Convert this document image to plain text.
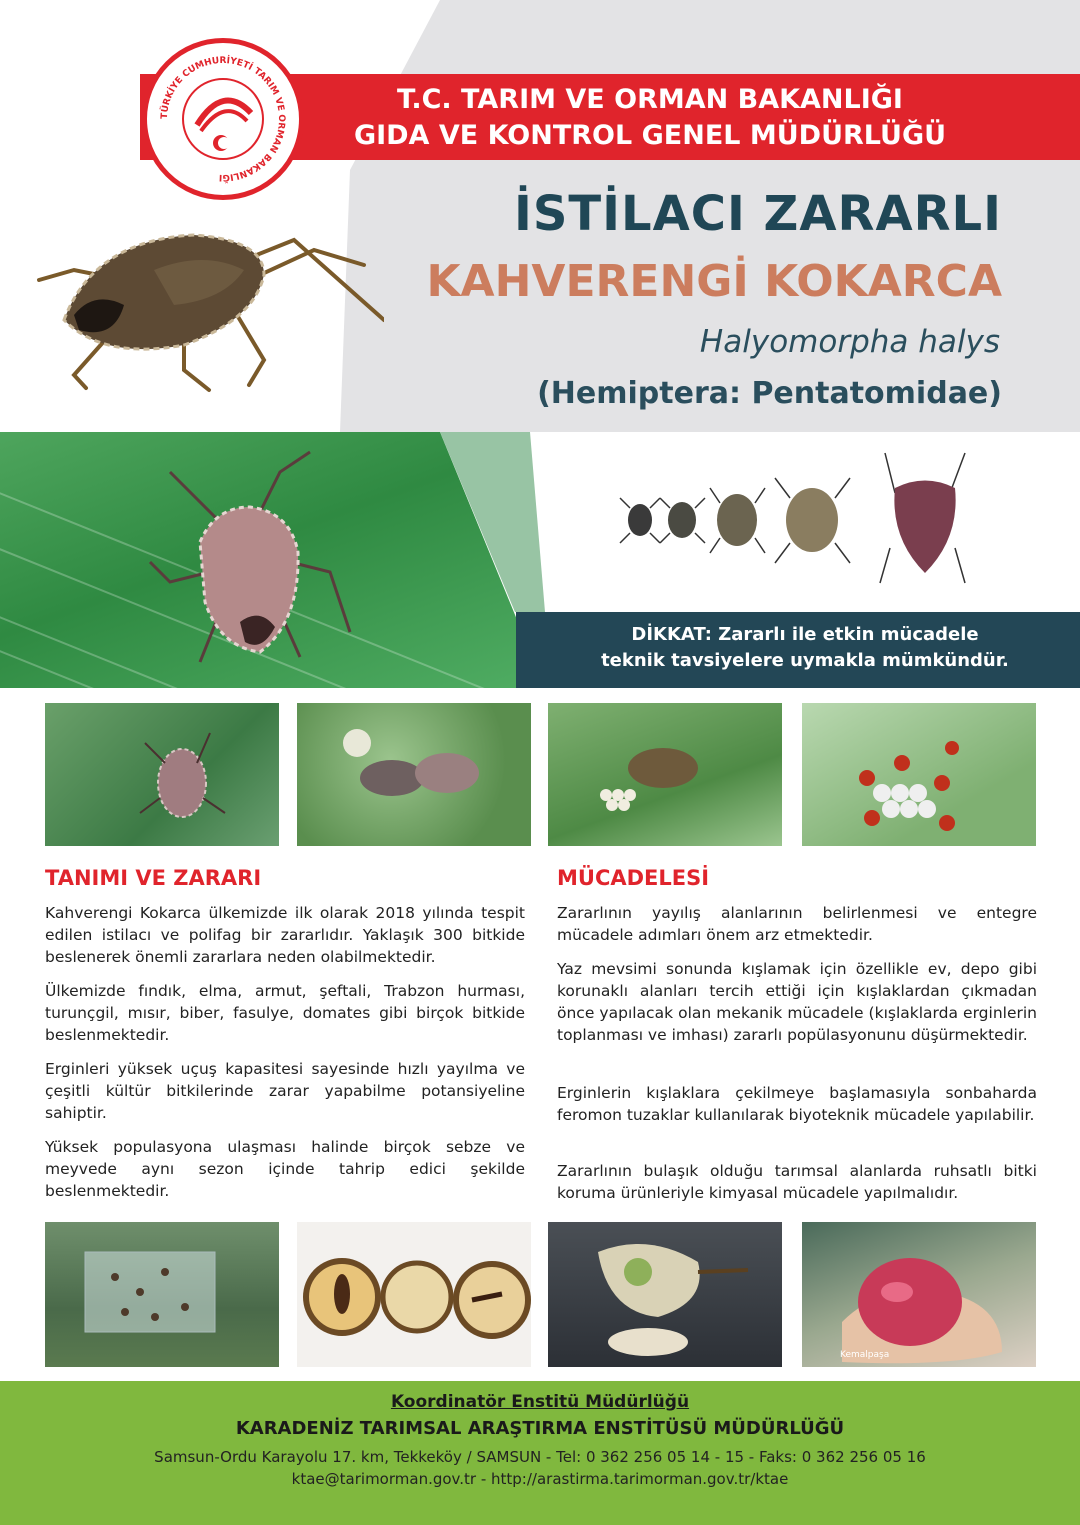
T.C. TARIM VE ORMAN BAKANLIĞI
GIDA VE KONTROL GENEL MÜDÜRLÜĞÜ
TÜRKİYE CUMHURİYETİ TARIM VE ORMAN BAKANLIĞI
İSTİLACI ZARARLI
KAHVERENGİ KOKARCA
Halyomorpha halys
(Hemiptera: Pentatomidae)
DİKKAT: Zararlı ile etkin mücadele
teknik tavsiyelere uymakla mümkündür.
TANIMI VE ZARARI

Kahverengi Kokarca ülkemizde ilk olarak 2018 yılında tespit edilen istilacı ve polifag bir zararlıdır. Yaklaşık 300 bitkide beslenerek önemli zararlara neden olabilmektedir.

Ülkemizde fındık, elma, armut, şeftali, Trabzon hurması, turunçgil, mısır, biber, fasulye, domates gibi birçok bitkide beslenmektedir.

Erginleri yüksek uçuş kapasitesi sayesinde hızlı yayılma ve çeşitli kültür bitkilerinde zarar yapabilme potansiyeline sahiptir.

Yüksek populasyona ulaşması halinde birçok sebze ve meyvede aynı sezon içinde tahrip edici şekilde beslenmektedir.

MÜCADELESİ

Zararlının yayılış alanlarının belirlenmesi ve entegre mücadele adımları önem arz etmektedir.

Yaz mevsimi sonunda kışlamak için özellikle ev, depo gibi korunaklı alanları tercih ettiği için kışlaklardan çıkmadan önce yapılacak olan mekanik mücadele (kışlaklarda erginlerin toplanması ve imhası) zararlı popülasyonunu düşürmektedir.

Erginlerin kışlaklara çekilmeye başlamasıyla sonbaharda feromon tuzaklar kullanılarak biyoteknik mücadele yapılabilir.

Zararlının bulaşık olduğu tarımsal alanlarda ruhsatlı bitki koruma ürünleriyle kimyasal mücadele yapılmalıdır.

Kemalpaşa
Koordinatör Enstitü Müdürlüğü
KARADENİZ TARIMSAL ARAŞTIRMA ENSTİTÜSÜ MÜDÜRLÜĞÜ
Samsun-Ordu Karayolu 17. km, Tekkeköy / SAMSUN - Tel: 0 362 256 05 14 - 15 - Faks: 0 362 256 05 16
ktae@tarimorman.gov.tr - http://arastirma.tarimorman.gov.tr/ktae
